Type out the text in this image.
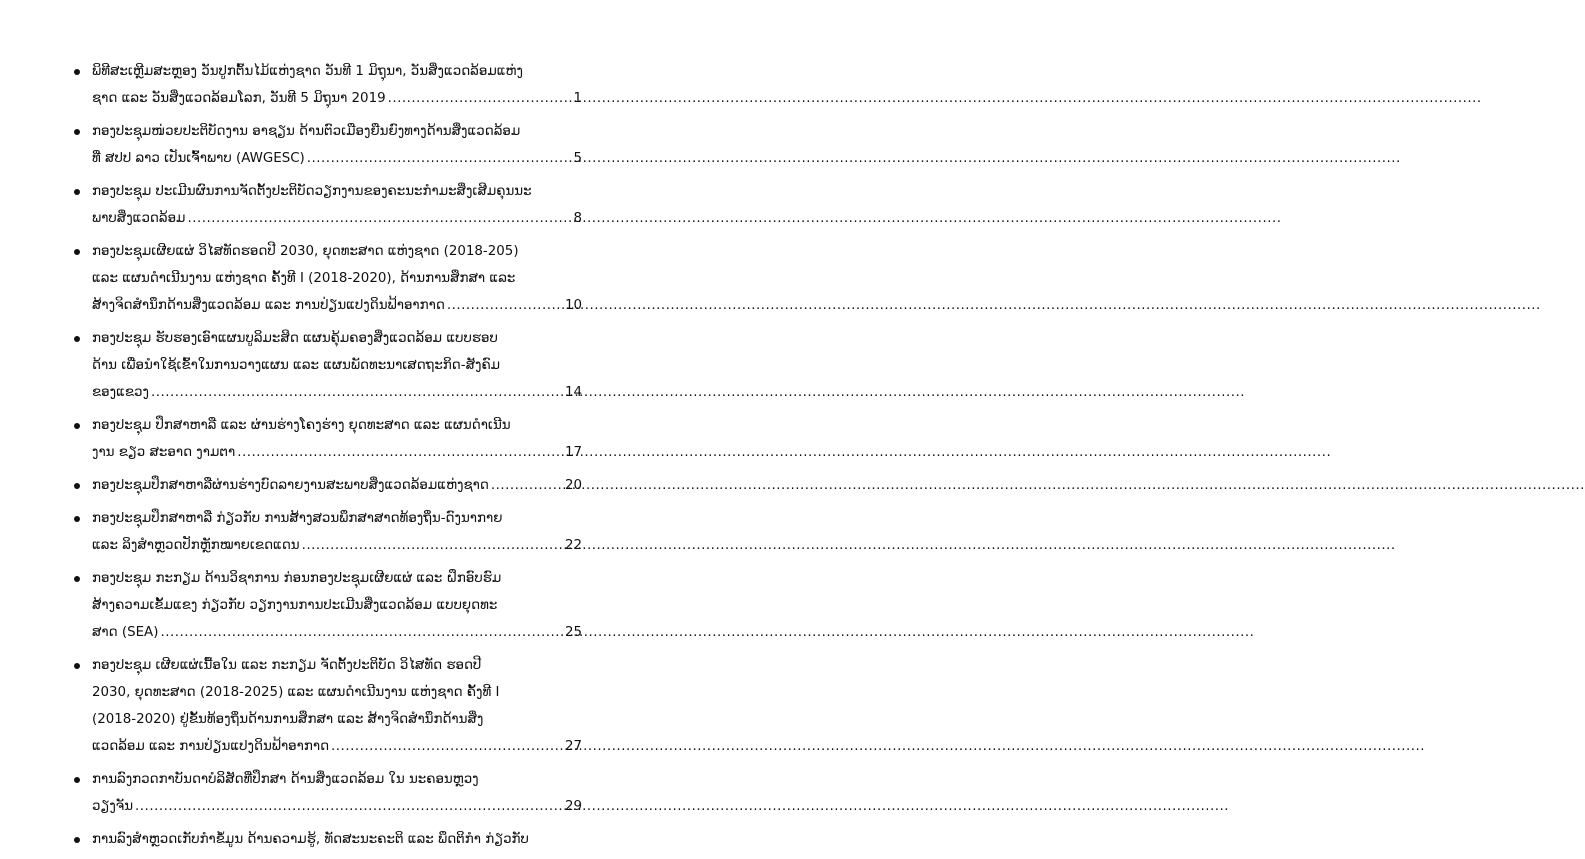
ພິທີສະເຫຼີມສະຫຼອງ ວັນປູກຕົ້ນໄມ້ແຫ່ງຊາດ ວັນທີ 1 ມິຖຸນາ, ວັນສິ່ງແວດລ້ອມແຫ່ງ
ຊາດ ແລະ ວັນສິ່ງແວດລ້ອມໂລກ, ວັນທີ 5 ມິຖຸນາ 2019 .....	1
ກອງປະຊຸມໜ່ວຍປະຕິບັດງານ ອາຊຽນ ດ້ານຕົວເມືອງຍືນຍົງທາງດ້ານສິ່ງແວດລ້ອມ
ທີ່ ສປປ ລາວ ເປັນເຈົ້າພາບ (AWGESC) .....	5
ກອງປະຊຸມ ປະເມີນຜົນການຈັດຕັ້ງປະຕິບັດວຽກງານຂອງຄະນະກໍາມະສິ່ງເສີມຄຸນນະ
ພາບສິ່ງແວດລ້ອມ .....	8
ກອງປະຊຸມເຜີຍແຜ່ ວິໄສທັດຮອດປີ 2030, ຍຸດທະສາດ ແຫ່ງຊາດ (2018-205)
ແລະ ແຜນດໍາເນີນງານ ແຫ່ງຊາດ ຄັ້ງທີ I (2018-2020), ດ້ານການສຶກສາ ແລະ
ສ້າງຈິດສໍານຶກດ້ານສິ່ງແວດລ້ອມ ແລະ ການປ່ຽນແປງດິນຟ້າອາກາດ .....	10
ກອງປະຊຸມ ຮັບຮອງເອົາແຜນບູລິມະສິດ ແຜນຄຸ້ມຄອງສິ່ງແວດລ້ອມ ແບບຮອບ
ດ້ານ ເພື່ອນໍາໃຊ້ເຂົ້າໃນການວາງແຜນ ແລະ ແຜນພັດທະນາເສດຖະກິດ-ສັງຄົມ
ຂອງແຂວງ .....	14
ກອງປະຊຸມ ປຶກສາຫາລື ແລະ ຜ່ານຮ່າງໂຄງຮ່າງ ຍຸດທະສາດ ແລະ ແຜນດໍາເນີນ
ງານ ຂຽວ ສະອາດ ງາມຕາ .....	17
ກອງປະຊຸມປຶກສາຫາລືຜ່ານຮ່າງບົດລາຍງານສະພາບສິ່ງແວດລ້ອມແຫ່ງຊາດ .....	20
ກອງປະຊຸມປຶກສາຫາລື ກ່ຽວກັບ ການສ້າງສວນພຶກສາສາດທ້ອງຖິ່ນ-ດົງນາກາຍ
ແລະ ລິງສໍາຫຼວດປັກຫຼັກໝາຍເຂດແດນ .....	22
ກອງປະຊຸມ ກະກຽມ ດ້ານວິຊາການ ກ່ອນກອງປະຊຸມເຜີຍແຜ່ ແລະ ຝຶກອົບຮົມ
ສ້າງຄວາມເຂັ້ມແຂງ ກ່ຽວກັບ ວຽກງານການປະເມີນສິ່ງແວດລ້ອມ ແບບຍຸດທະ
ສາດ (SEA) .....	25
ກອງປະຊຸມ ເຜີຍແຜ່ເນື້ອໃນ ແລະ ກະກຽມ ຈັດຕັ້ງປະຕິບັດ ວິໄສທັດ ຮອດປີ
2030, ຍຸດທະສາດ (2018-2025) ແລະ ແຜນດໍາເນີນງານ ແຫ່ງຊາດ ຄັ້ງທີ I
(2018-2020) ຢູ່ຂັ້ນທ້ອງຖິ່ນດ້ານການສຶກສາ ແລະ ສ້າງຈິດສໍານຶກດ້ານສິ່ງ
ແວດລ້ອມ ແລະ ການປ່ຽນແປງດິນຟ້າອາກາດ .....	27
ການລົງກວດກາບັນດາບໍລິສັດທີ່ປຶກສາ ດ້ານສິ່ງແວດລ້ອມ ໃນ ນະຄອນຫຼວງ
ວຽງຈັນ .....	29
ການລົງສໍາຫຼວດເກັບກໍາຂໍ້ມູນ ດ້ານຄວາມຮູ້, ທັດສະນະຄະຕິ ແລະ ພຶດຕິກໍາ ກ່ຽວກັບ
